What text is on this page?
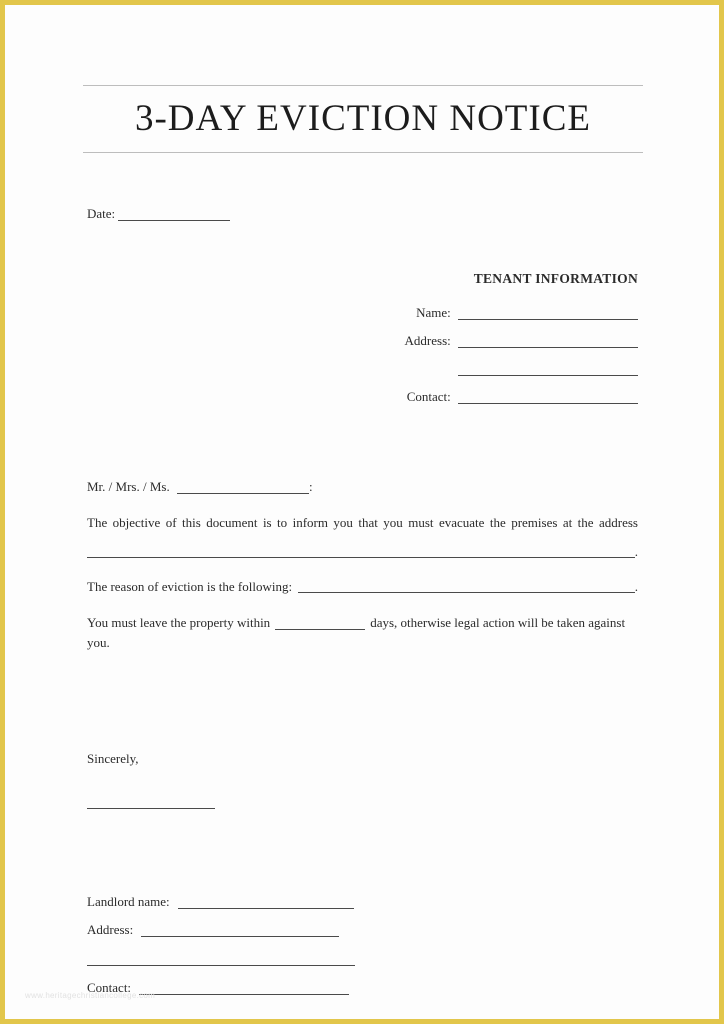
3-DAY EVICTION NOTICE
Date:
TENANT INFORMATION
Name:
Address:
Contact:
Mr. / Mrs. / Ms.	:
The objective of this document is to inform you that you must evacuate the premises at the address
.
The reason of eviction is the following:	.
You must leave the property within	days, otherwise legal action will be taken against you.
Sincerely,
Landlord name:
Address:
Contact:
www.heritagechristiancollege.com
